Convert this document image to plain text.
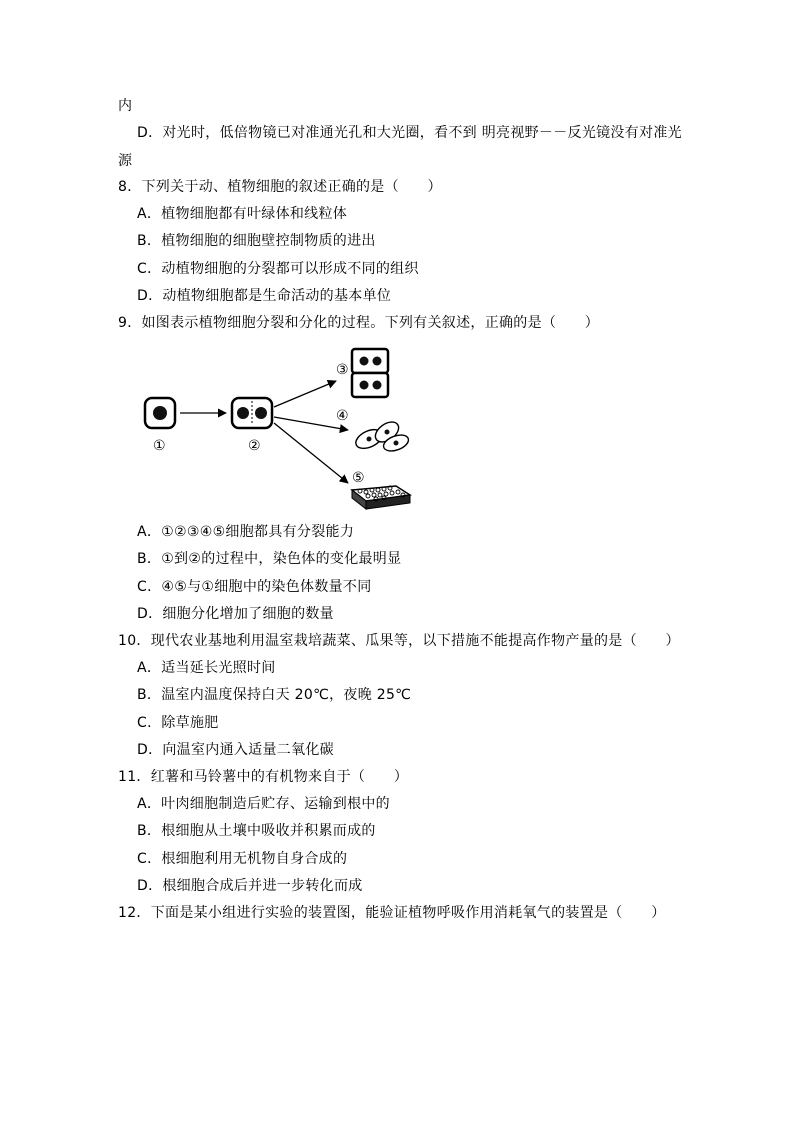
内
D．对光时，低倍物镜已对准通光孔和大光圈，看不到 明亮视野－－反光镜没有对准光
源
8．下列关于动、植物细胞的叙述正确的是（　　）
A．植物细胞都有叶绿体和线粒体
B．植物细胞的细胞壁控制物质的进出
C．动植物细胞的分裂都可以形成不同的组织
D．动植物细胞都是生命活动的基本单位
9．如图表示植物细胞分裂和分化的过程。下列有关叙述，正确的是（　　）
①	②
③
④
⑤
A．①②③④⑤细胞都具有分裂能力
B．①到②的过程中，染色体的变化最明显
C．④⑤与①细胞中的染色体数量不同
D．细胞分化增加了细胞的数量
10．现代农业基地利用温室栽培蔬菜、瓜果等，以下措施不能提高作物产量的是（　　）
A．适当延长光照时间
B．温室内温度保持白天 20℃，夜晚 25℃
C．除草施肥
D．向温室内通入适量二氧化碳
11．红薯和马铃薯中的有机物来自于（　　）
A．叶肉细胞制造后贮存、运输到根中的
B．根细胞从土壤中吸收并积累而成的
C．根细胞利用无机物自身合成的
D．根细胞合成后并进一步转化而成
12．下面是某小组进行实验的装置图，能验证植物呼吸作用消耗氧气的装置是（　　）
